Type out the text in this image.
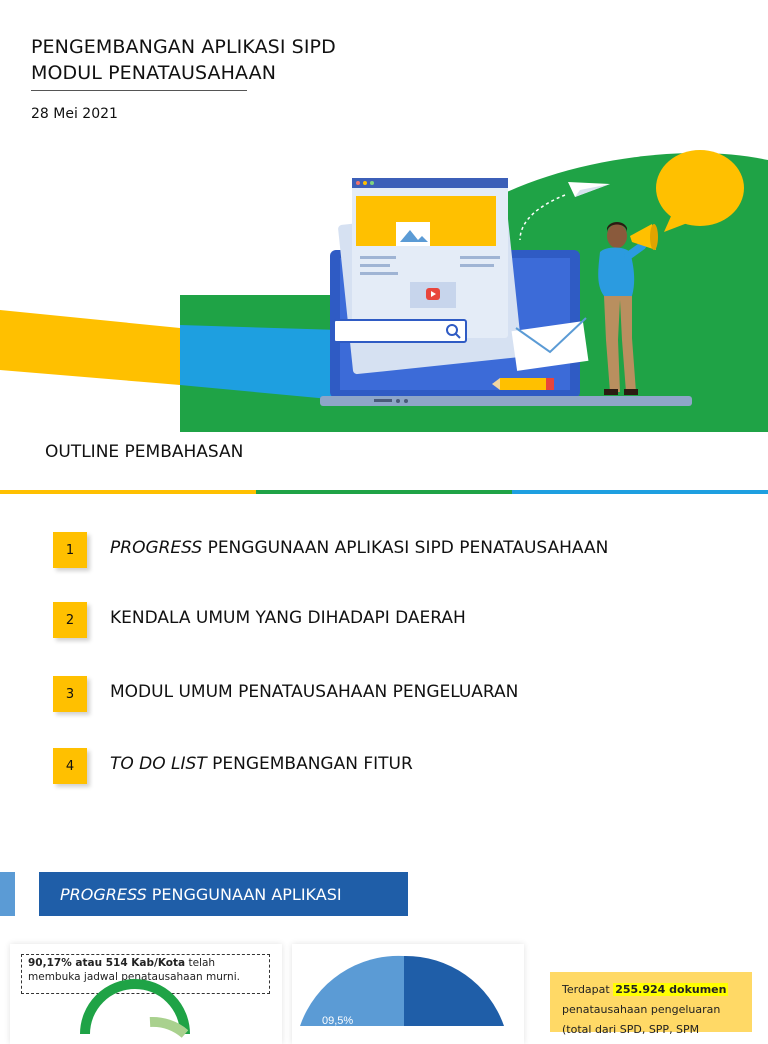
PENGEMBANGAN APLIKASI SIPD
MODUL PENATAUSAHAAN
28 Mei 2021
OUTLINE PEMBAHASAN
1	PROGRESS PENGGUNAAN APLIKASI SIPD PENATAUSAHAAN
2	KENDALA UMUM YANG DIHADAPI DAERAH
3	MODUL UMUM PENATAUSAHAAN PENGELUARAN
4	TO DO LIST PENGEMBANGAN FITUR
PROGRESS PENGGUNAAN APLIKASI
90,17% atau 514 Kab/Kota telah membuka jadwal penatausahaan murni.
09,5%
Terdapat 255.924 dokumen
penatausahaan pengeluaran
(total dari SPD, SPP, SPM
